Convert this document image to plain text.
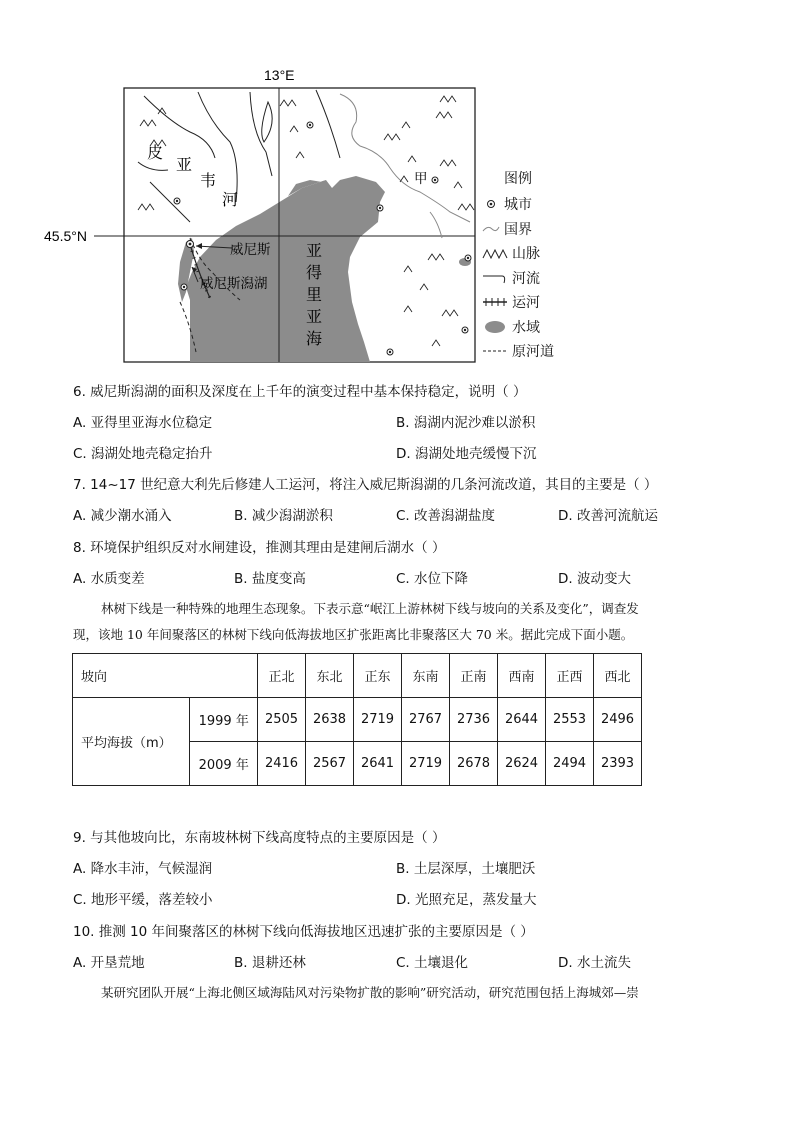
13°E
45.5°N
皮
亚
韦
河
亚
得
里
亚
海
威尼斯
威尼斯潟湖
甲	图例
城市
国界
山脉
河流
运河
水域
原河道
6. 威尼斯潟湖的面积及深度在上千年的演变过程中基本保持稳定，说明（ ）
A. 亚得里亚海水位稳定	B. 潟湖内泥沙难以淤积
C. 潟湖处地壳稳定抬升	D. 潟湖处地壳缓慢下沉
7. 14~17 世纪意大利先后修建人工运河，将注入威尼斯潟湖的几条河流改道，其目的主要是（ ）
A. 减少潮水涌入	B. 减少潟湖淤积	C. 改善潟湖盐度	D. 改善河流航运
8. 环境保护组织反对水闸建设，推测其理由是建闸后湖水（ ）
A. 水质变差	B. 盐度变高	C. 水位下降	D. 波动变大

林树下线是一种特殊的地理生态现象。下表示意“岷江上游林树下线与坡向的关系及变化”，调查发

现，该地 10 年间聚落区的林树下线向低海拔地区扩张距离比非聚落区大 70 米。据此完成下面小题。

坡向		正北	东北	正东	东南	正南	西南	正西	西北
平均海拔（m）	1999 年	2505	2638	2719	2767	2736	2644	2553	2496
	2009 年	2416	2567	2641	2719	2678	2624	2494	2393
9. 与其他坡向比，东南坡林树下线高度特点的主要原因是（ ）
A. 降水丰沛，气候湿润	B. 土层深厚，土壤肥沃
C. 地形平缓，落差较小	D. 光照充足，蒸发量大
10. 推测 10 年间聚落区的林树下线向低海拔地区迅速扩张的主要原因是（ ）
A. 开垦荒地	B. 退耕还林	C. 土壤退化	D. 水土流失

某研究团队开展“上海北侧区域海陆风对污染物扩散的影响”研究活动，研究范围包括上海城郊—崇
